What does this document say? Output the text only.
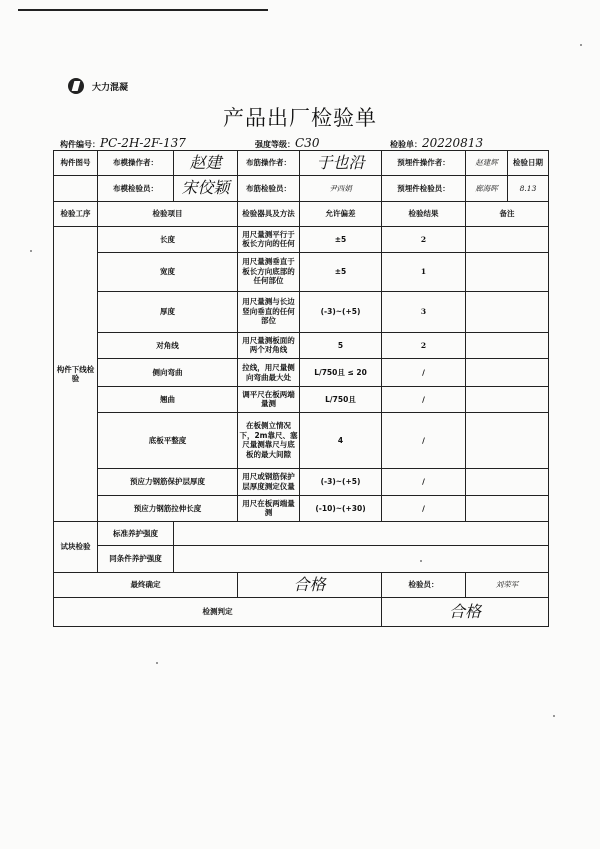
大力混凝
产品出厂检验单
构件编号：PC-2H-2F-137	强度等级：C30	检验单：20220813
构件图号	布模操作者：	赵建	布筋操作者：	于也沿	预埋件操作者：	赵建辉	检验日期
	布模检验员：	宋佼颖	布筋检验员：	尹西娟	预埋件检验员：	廊海晖	8.13
检验工序	检验项目		检验器具及方法	允许偏差	检验结果	备注	
构件下线检验	长度		用尺量测平行于板长方向的任何	±5	2		
	宽度		用尺量测垂直于板长方向底部的任何部位	±5	1		
	厚度		用尺量测与长边竖向垂直的任何部位	(-3)~(+5)	3		
	对角线		用尺量测板面的两个对角线	5	2		
	侧向弯曲		拉线，用尺量侧向弯曲最大处	L/750且 ≤ 20	/		
	翘曲		调平尺在板两端量测	L/750且	/		
	底板平整度		在板侧立情况下，2m靠尺、塞尺量测靠尺与底板的最大间隙	4	/		
	预应力钢筋保护层厚度		用尺或钢筋保护层厚度测定仪量	(-3)~(+5)	/		
	预应力钢筋拉伸长度		用尺在板两端量测	(-10)~(+30)	/		
试块检验	标准养护强度						
	同条件养护强度						
最终确定			合格		检验员：	刘荣军	
检测判定					合格		
